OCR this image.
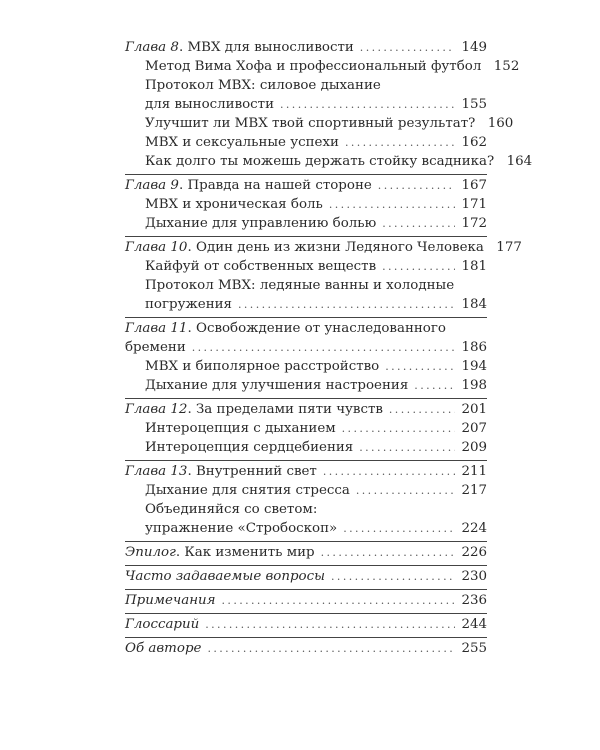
Глава 8. МВХ для выносливости .....	149
Метод Вима Хофа и профессиональный футбол 152
Протокол МВХ: силовое дыхание
для выносливости .....	155
Улучшит ли МВХ твой спортивный результат? 160
МВХ и сексуальные успехи .....	162
Как долго ты можешь держать стойку всадника? 164
Глава 9. Правда на нашей стороне .....	167
МВХ и хроническая боль .....	171
Дыхание для управлению болью .....	172
Глава 10. Один день из жизни Ледяного Человека 177
Кайфуй от собственных веществ .....	181
Протокол МВХ: ледяные ванны и холодные
погружения .....	184
Глава 11. Освобождение от унаследованного
бремени .....	186
МВХ и биполярное расстройство .....	194
Дыхание для улучшения настроения .....	198
Глава 12. За пределами пяти чувств .....	201
Интероцепция с дыханием .....	207
Интероцепция сердцебиения .....	209
Глава 13. Внутренний свет .....	211
Дыхание для снятия стресса .....	217
Объединяйся со светом:
упражнение «Стробоскоп» .....	224
Эпилог. Как изменить мир .....	226
Часто задаваемые вопросы .....	230
Примечания .....	236
Глоссарий .....	244
Об авторе .....	255
